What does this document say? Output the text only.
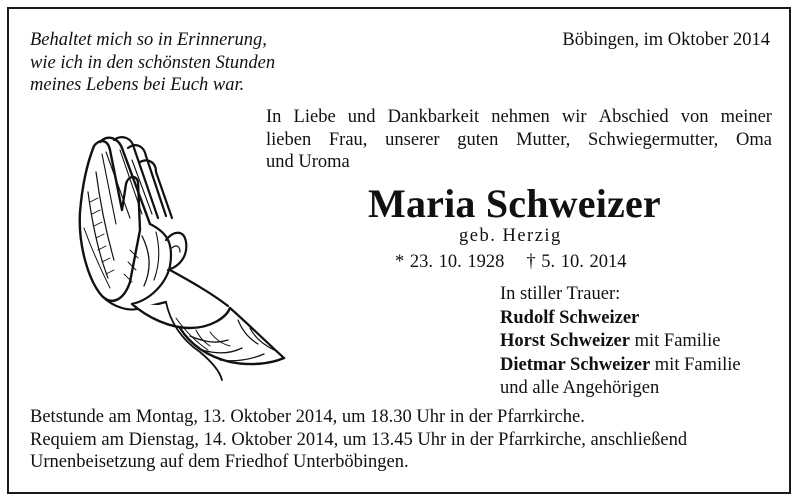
Behaltet mich so in Erinnerung,
wie ich in den schönsten Stunden
meines Lebens bei Euch war.
Böbingen, im Oktober 2014
In Liebe und Dankbarkeit nehmen wir Abschied von meiner
lieben Frau, unserer guten Mutter, Schwiegermutter, Oma
und Uroma
Maria Schweizer
geb. Herzig
* 23. 10. 1928 † 5. 10. 2014
In stiller Trauer:
Rudolf Schweizer
Horst Schweizer mit Familie
Dietmar Schweizer mit Familie
und alle Angehörigen
Betstunde am Montag, 13. Oktober 2014, um 18.30 Uhr in der Pfarrkirche.
Requiem am Dienstag, 14. Oktober 2014, um 13.45 Uhr in der Pfarrkirche, anschließend
Urnenbeisetzung auf dem Friedhof Unterböbingen.
